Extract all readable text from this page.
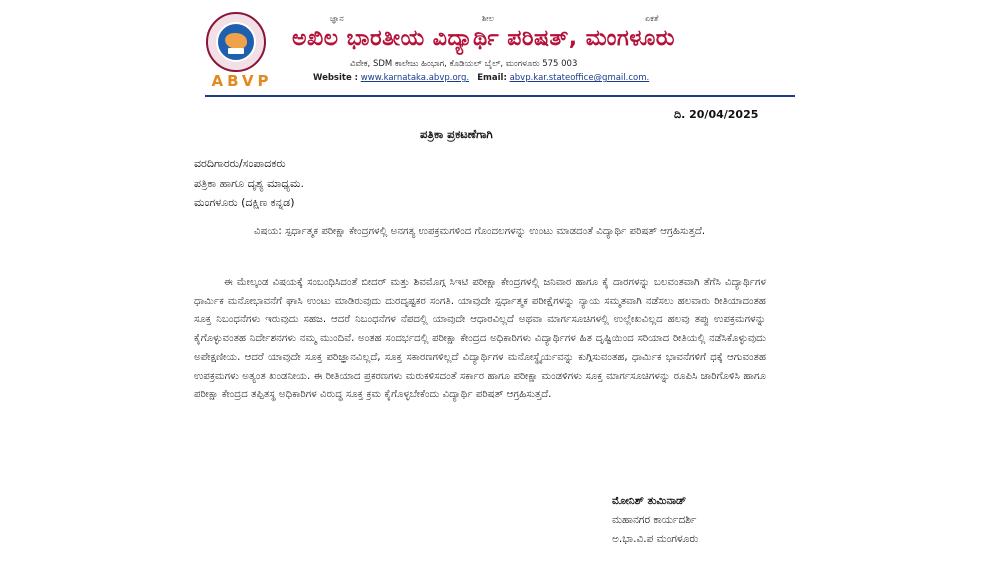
ABVP
ಜ್ಞಾನ	ಶೀಲ	ಏಕತೆ
ಅಖಿಲ ಭಾರತೀಯ ವಿದ್ಯಾರ್ಥಿ ಪರಿಷತ್, ಮಂಗಳೂರು
ವಿವೇಕ, SDM ಕಾಲೇಜು ಹಿಂಭಾಗ, ಕೊಡಿಯಲ್ ಬೈಲ್, ಮಂಗಳೂರು 575 003
Website : www.karnataka.abvp.org. Email: abvp.kar.stateoffice@gmail.com.
ದಿ. 20/04/2025
ಪತ್ರಿಕಾ ಪ್ರಕಟಣೆಗಾಗಿ
ವರದಿಗಾರರು/ಸಂಪಾದಕರು
ಪತ್ರಿಕಾ ಹಾಗೂ ದೃಶ್ಯ ಮಾಧ್ಯಮ.
ಮಂಗಳೂರು (ದಕ್ಷಿಣ ಕನ್ನಡ)
ವಿಷಯ: ಸ್ಪರ್ಧಾತ್ಮಕ ಪರೀಕ್ಷಾ ಕೇಂದ್ರಗಳಲ್ಲಿ ಅನಗತ್ಯ ಉಪಕ್ರಮಗಳಿಂದ ಗೊಂದಲಗಳನ್ನು ಉಂಟು ಮಾಡದಂತೆ ವಿದ್ಯಾರ್ಥಿ ಪರಿಷತ್ ಆಗ್ರಹಿಸುತ್ತದೆ.
ಈ ಮೇಲ್ಕಂಡ ವಿಷಯಕ್ಕೆ ಸಂಬಂಧಿಸಿದಂತೆ ಬೀದರ್ ಮತ್ತು ಶಿವಮೊಗ್ಗ ಸಿಇಟಿ ಪರೀಕ್ಷಾ ಕೇಂದ್ರಗಳಲ್ಲಿ ಜನಿವಾರ ಹಾಗೂ ಕೈ ದಾರಗಳನ್ನು ಬಲವಂತವಾಗಿ ತೆಗೆಸಿ ವಿದ್ಯಾರ್ಥಿಗಳ ಧಾರ್ಮಿಕ ಮನೋಭಾವನೆಗೆ ಘಾಸಿ ಉಂಟು ಮಾಡಿರುವುದು ದುರದೃಷ್ಟಕರ ಸಂಗತಿ. ಯಾವುದೇ ಸ್ಪರ್ಧಾತ್ಮಕ ಪರೀಕ್ಷೆಗಳನ್ನು ನ್ಯಾಯ ಸಮ್ಮತವಾಗಿ ನಡೆಸಲು ಹಲವಾರು ರೀತಿಯಾದಂತಹ ಸೂಕ್ತ ನಿಬಂಧನೆಗಳು ಇರುವುದು ಸಹಜ. ಆದರೆ ನಿಬಂಧನೆಗಳ ನೆಪದಲ್ಲಿ ಯಾವುದೇ ಆಧಾರವಿಲ್ಲದೆ ಅಥವಾ ಮಾರ್ಗಸೂಚಿಗಳಲ್ಲಿ ಉಲ್ಲೇಖವಿಲ್ಲದ ಹಲವು ತಪ್ಪು ಉಪಕ್ರಮಗಳನ್ನು ಕೈಗೊಳ್ಳುವಂತಹ ನಿರ್ದೇಶನಗಳು ನಮ್ಮ ಮುಂದಿವೆ. ಅಂತಹ ಸಂದರ್ಭದಲ್ಲಿ ಪರೀಕ್ಷಾ ಕೇಂದ್ರದ ಅಧಿಕಾರಿಗಳು ವಿದ್ಯಾರ್ಥಿಗಳ ಹಿತ ದೃಷ್ಟಿಯಿಂದ ಸರಿಯಾದ ರೀತಿಯಲ್ಲಿ ನಡೆಸಿಕೊಳ್ಳುವುದು ಅಪೇಕ್ಷಣೀಯ. ಆದರೆ ಯಾವುದೇ ಸೂಕ್ತ ಪರಿಜ್ಞಾನವಿಲ್ಲದೆ, ಸೂಕ್ತ ಸಕಾರಣಗಳಿಲ್ಲದೆ ವಿದ್ಯಾರ್ಥಿಗಳ ಮನೋಸ್ಥೈರ್ಯವನ್ನು ಕುಗ್ಗಿಸುವಂತಹ, ಧಾರ್ಮಿಕ ಭಾವನೆಗಳಿಗೆ ಧಕ್ಕೆ ಆಗುವಂತಹ ಉಪಕ್ರಮಗಳು ಅತ್ಯಂತ ಖಂಡನೀಯ. ಈ ರೀತಿಯಾದ ಪ್ರಕರಣಗಳು ಮರುಕಳಿಸದಂತೆ ಸರ್ಕಾರ ಹಾಗೂ ಪರೀಕ್ಷಾ ಮಂಡಳಿಗಳು ಸೂಕ್ತ ಮಾರ್ಗಸೂಚಿಗಳನ್ನು ರೂಪಿಸಿ ಜಾರಿಗೊಳಿಸಿ ಹಾಗೂ ಪರೀಕ್ಷಾ ಕೇಂದ್ರದ ತಪ್ಪಿತಸ್ಥ ಅಧಿಕಾರಿಗಳ ವಿರುದ್ಧ ಸೂಕ್ತ ಕ್ರಮ ಕೈಗೊಳ್ಳಬೇಕೆಂದು ವಿದ್ಯಾರ್ಥಿ ಪರಿಷತ್ ಆಗ್ರಹಿಸುತ್ತದೆ.
ಮೋನಿಶ್ ತುಮಿನಾಡ್
ಮಹಾನಗರ ಕಾರ್ಯದರ್ಶಿ
ಅ.ಭಾ.ವಿ.ಪ ಮಂಗಳೂರು
